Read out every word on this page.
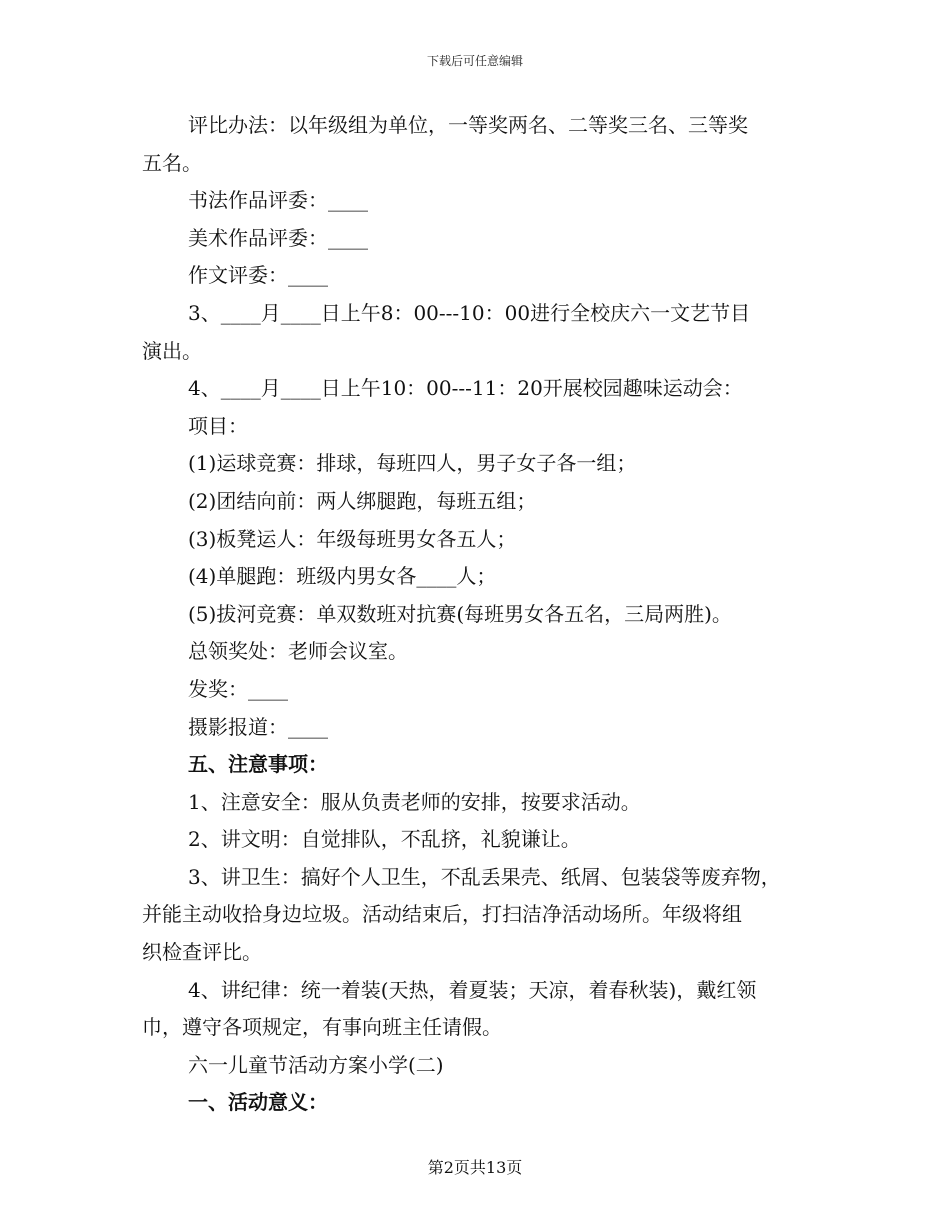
下载后可任意编辑

评比办法：以年级组为单位，一等奖两名、二等奖三名、三等奖

五名。

书法作品评委：____

美术作品评委：____

作文评委：____

3、____月____日上午8：00---10：00进行全校庆六一文艺节目

演出。

4、____月____日上午10：00---11：20开展校园趣味运动会：

项目：

(1)运球竞赛：排球，每班四人，男子女子各一组；

(2)团结向前：两人绑腿跑，每班五组；

(3)板凳运人：年级每班男女各五人；

(4)单腿跑：班级内男女各____人；

(5)拔河竞赛：单双数班对抗赛(每班男女各五名，三局两胜)。

总领奖处：老师会议室。

发奖：____

摄影报道：____

五、注意事项：

1、注意安全：服从负责老师的安排，按要求活动。

2、讲文明：自觉排队，不乱挤，礼貌谦让。

3、讲卫生：搞好个人卫生，不乱丢果壳、纸屑、包装袋等废弃物，

并能主动收拾身边垃圾。活动结束后，打扫洁净活动场所。年级将组

织检查评比。

4、讲纪律：统一着装(天热，着夏装；天凉，着春秋装)，戴红领

巾，遵守各项规定，有事向班主任请假。

六一儿童节活动方案小学(二)

一、活动意义：

第2页共13页
